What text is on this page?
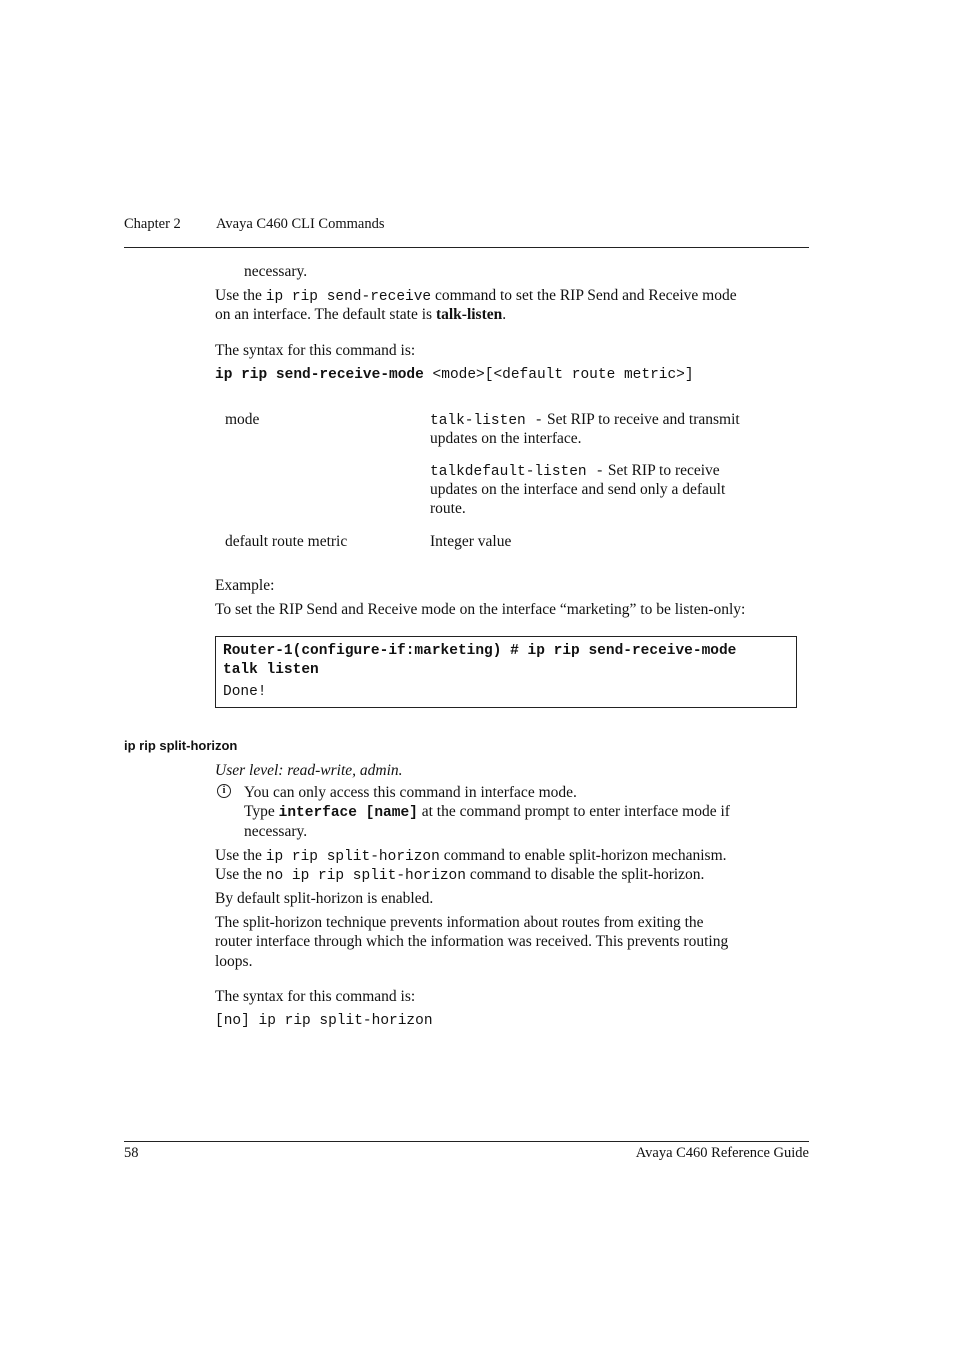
Chapter 2 Avaya C460 CLI Commands
necessary.
Use the ip rip send-receive command to set the RIP Send and Receive mode
on an interface. The default state is talk-listen.
The syntax for this command is:
ip rip send-receive-mode <mode>[<default route metric>]
mode	talk-listen - Set RIP to receive and transmit
updates on the interface.
talkdefault-listen - Set RIP to receive
updates on the interface and send only a default
route.
default route metric	Integer value
Example:
To set the RIP Send and Receive mode on the interface “marketing” to be listen-only:
Router-1(configure-if:marketing) # ip rip send-receive-mode
talk listen
Done!
ip rip split-horizon
User level: read-write, admin.
i	You can only access this command in interface mode.
Type interface [name] at the command prompt to enter interface mode if
necessary.
Use the ip rip split-horizon command to enable split-horizon mechanism.
Use the no ip rip split-horizon command to disable the split-horizon.
By default split-horizon is enabled.
The split-horizon technique prevents information about routes from exiting the
router interface through which the information was received. This prevents routing
loops.
The syntax for this command is:
[no] ip rip split-horizon
58	Avaya C460 Reference Guide
